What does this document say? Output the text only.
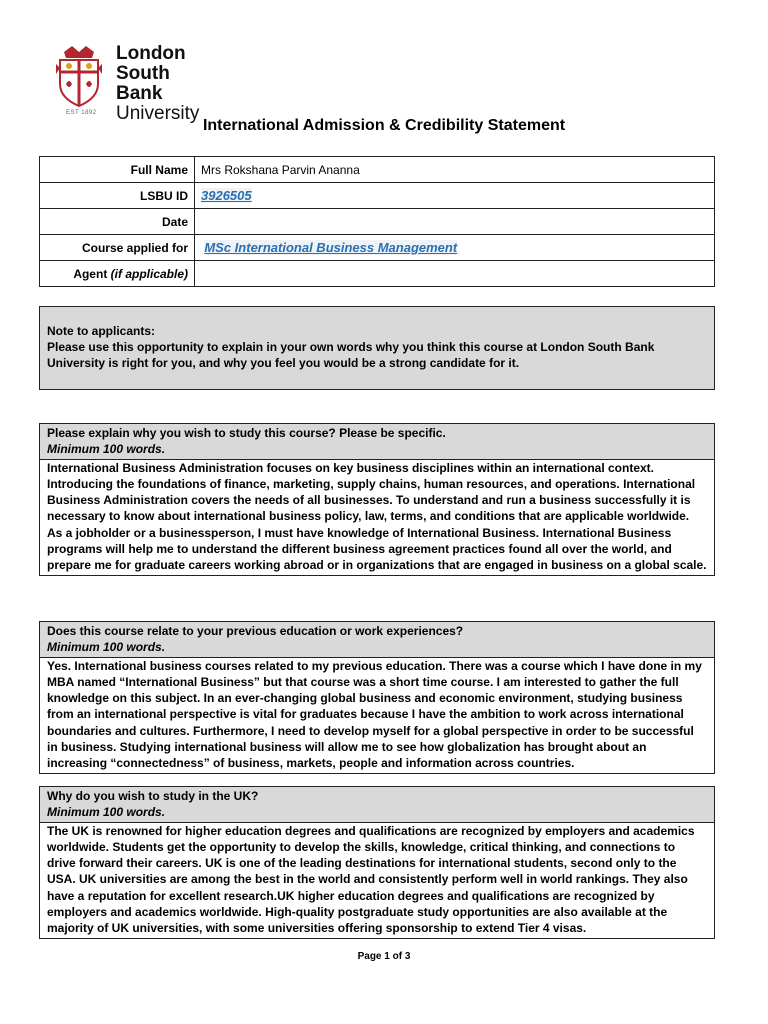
London
South Bank
University
EST 1892
International Admission & Credibility Statement
Full Name	Mrs Rokshana Parvin Ananna
LSBU ID	3926505
Date	
Course applied for	MSc International Business Management
Agent (if applicable)	
Note to applicants:
Please use this opportunity to explain in your own words why you think this course at London South Bank University is right for you, and why you feel you would be a strong candidate for it.
Please explain why you wish to study this course? Please be specific.
Minimum 100 words.
International Business Administration focuses on key business disciplines within an international context. Introducing the foundations of finance, marketing, supply chains, human resources, and operations. International Business Administration covers the needs of all businesses. To understand and run a business successfully it is necessary to know about international business policy, law, terms, and conditions that are applicable worldwide. As a jobholder or a businessperson, I must have knowledge of International Business. International Business programs will help me to understand the different business agreement practices found all over the world, and prepare me for graduate careers working abroad or in organizations that are engaged in business on a global scale.
Does this course relate to your previous education or work experiences?
Minimum 100 words.
Yes. International business courses related to my previous education. There was a course which I have done in my MBA named “International Business” but that course was a short time course. I am interested to gather the full knowledge on this subject. In an ever-changing global business and economic environment, studying business from an international perspective is vital for graduates because I have the ambition to work across international boundaries and cultures. Furthermore, I need to develop myself for a global perspective in order to be successful in business. Studying international business will allow me to see how globalization has brought about an increasing “connectedness” of business, markets, people and information across countries.
Why do you wish to study in the UK?
Minimum 100 words.
The UK is renowned for higher education degrees and qualifications are recognized by employers and academics worldwide. Students get the opportunity to develop the skills, knowledge, critical thinking, and connections to drive forward their careers. UK is one of the leading destinations for international students, second only to the USA. UK universities are among the best in the world and consistently perform well in world rankings. They also have a reputation for excellent research.UK higher education degrees and qualifications are recognized by employers and academics worldwide. High-quality postgraduate study opportunities are also available at the majority of UK universities, with some universities offering sponsorship to extend Tier 4 visas.
Page 1 of 3
